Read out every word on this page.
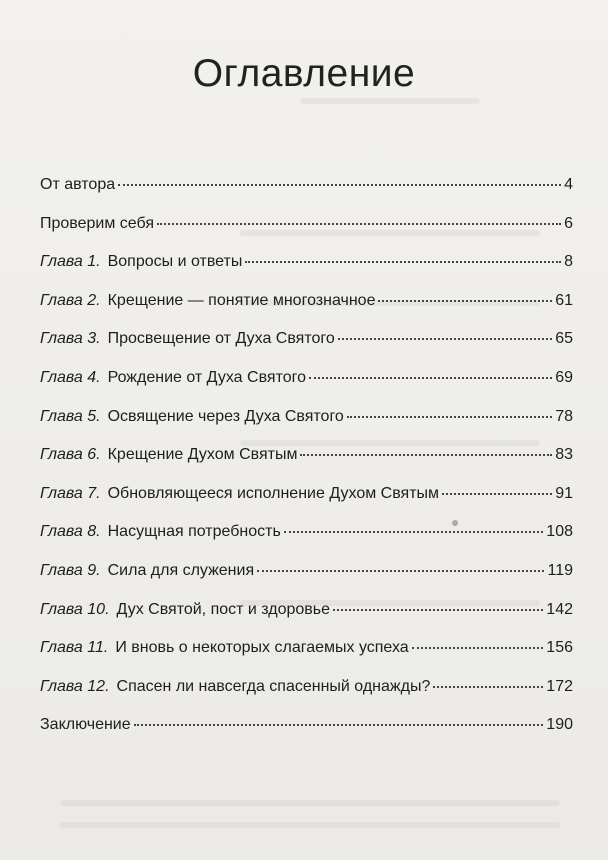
Оглавление
От автора	4
Проверим себя	6
Глава 1. Вопросы и ответы	8
Глава 2. Крещение — понятие многозначное	61
Глава 3. Просвещение от Духа Святого	65
Глава 4. Рождение от Духа Святого	69
Глава 5. Освящение через Духа Святого	78
Глава 6. Крещение Духом Святым	83
Глава 7. Обновляющееся исполнение Духом Святым	91
Глава 8. Насущная потребность	108
Глава 9. Сила для служения	119
Глава 10. Дух Святой, пост и здоровье	142
Глава 11. И вновь о некоторых слагаемых успеха	156
Глава 12. Спасен ли навсегда спасенный однажды?	172
Заключение	190
